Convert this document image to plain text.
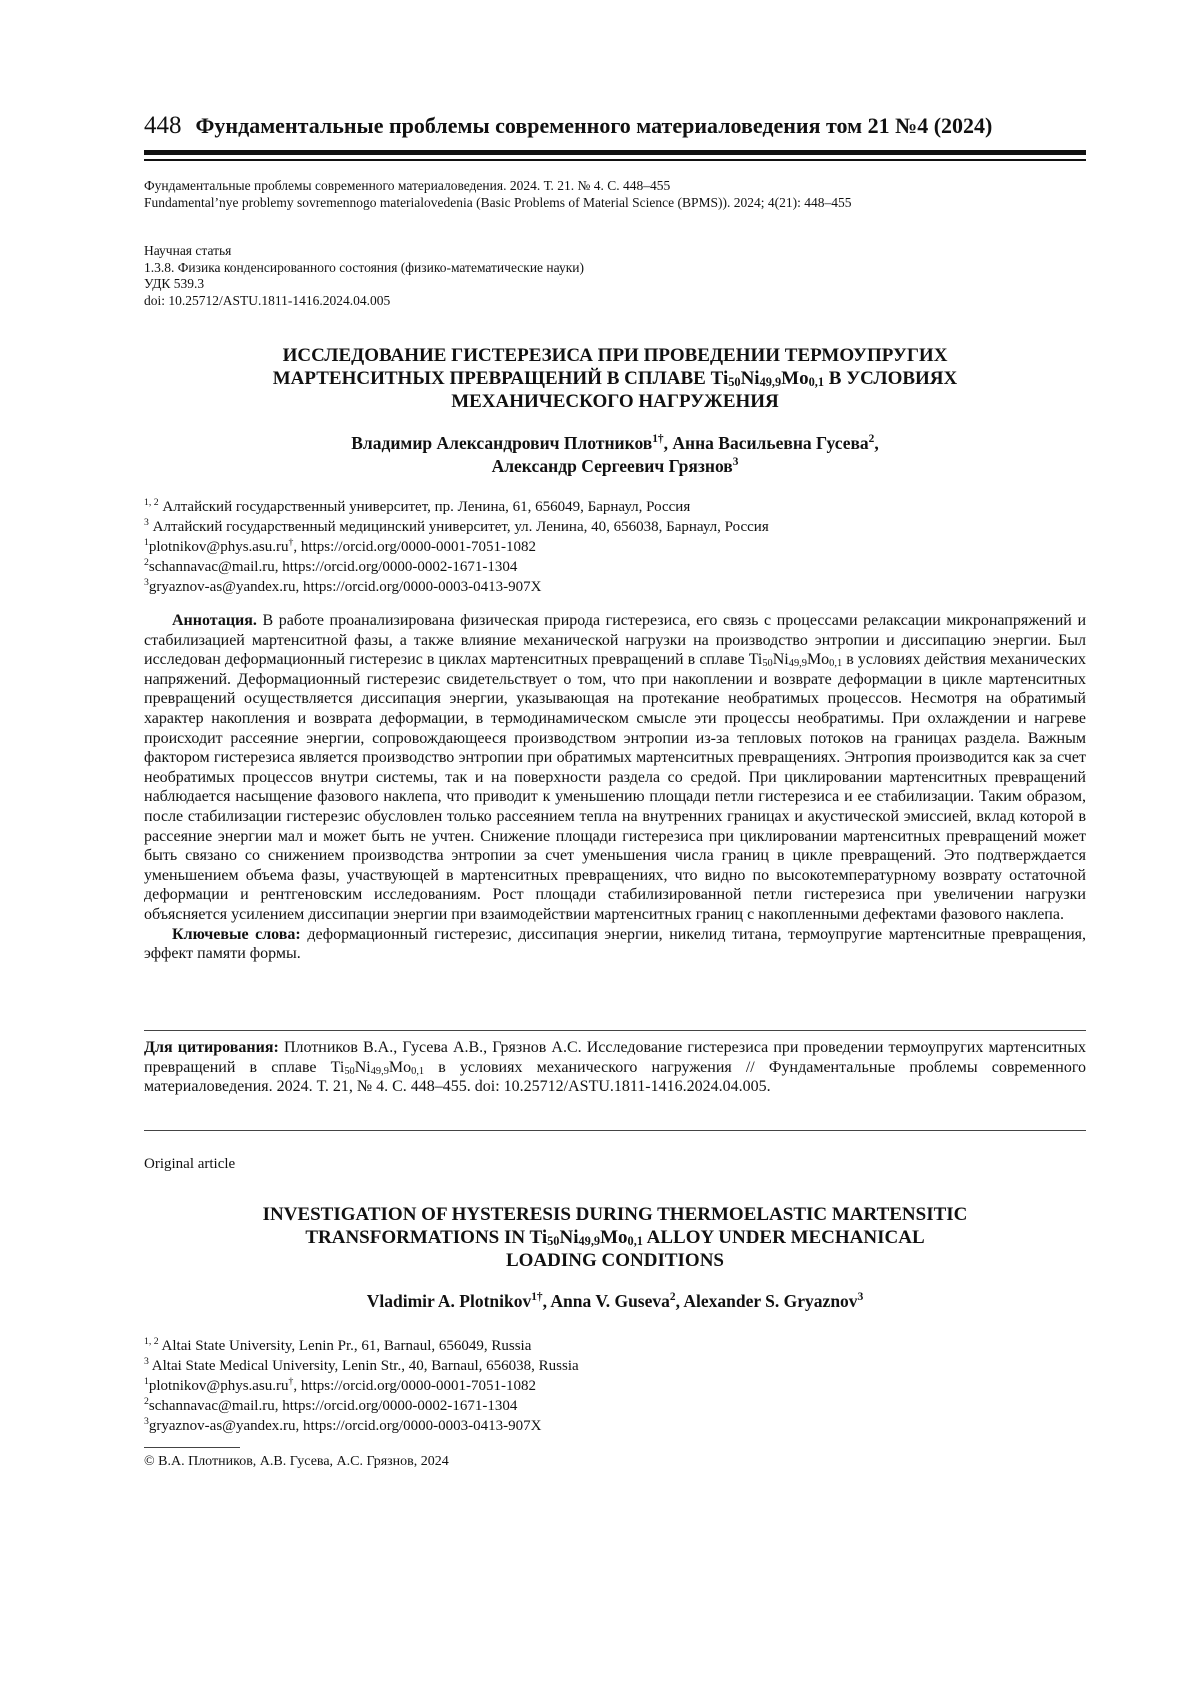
448 Фундаментальные проблемы современного материаловедения том 21 №4 (2024)
Фундаментальные проблемы современного материаловедения. 2024. Т. 21. № 4. С. 448–455
Fundamental’nye problemy sovremennogo materialovedenia (Basic Problems of Material Science (BPMS)). 2024; 4(21): 448–455
Научная статья
1.3.8. Физика конденсированного состояния (физико-математические науки)
УДК 539.3
doi: 10.25712/ASTU.1811-1416.2024.04.005
ИССЛЕДОВАНИЕ ГИСТЕРЕЗИСА ПРИ ПРОВЕДЕНИИ ТЕРМОУПРУГИХ
МАРТЕНСИТНЫХ ПРЕВРАЩЕНИЙ В СПЛАВЕ $Ti_{50}Ni_{49,9}Mo_{0,1}$ В УСЛОВИЯХ
МЕХАНИЧЕСКОГО НАГРУЖЕНИЯ
Владимир Александрович Плотников$^{1\dagger}$, Анна Васильевна Гусева$^2$,
Александр Сергеевич Грязнов$^3$
$^{1, 2}$ Алтайский государственный университет, пр. Ленина, 61, 656049, Барнаул, Россия
$^3$ Алтайский государственный медицинский университет, ул. Ленина, 40, 656038, Барнаул, Россия
$^1$plotnikov@phys.asu.ru†, https://orcid.org/0000-0001-7051-1082
$^2$schannavac@mail.ru, https://orcid.org/0000-0002-1671-1304
$^3$gryaznov-as@yandex.ru, https://orcid.org/0000-0003-0413-907X

Аннотация. В работе проанализирована физическая природа гистерезиса, его связь с процессами релаксации микронапряжений и стабилизацией мартенситной фазы, а также влияние механической нагрузки на производство энтропии и диссипацию энергии. Был исследован деформационный гистерезис в циклах мартенситных превращений в сплаве $Ti_{50}Ni_{49,9}Mo_{0,1}$ в условиях действия механических напряжений. Деформационный гистерезис свидетельствует о том, что при накоплении и возврате деформации в цикле мартенситных превращений осуществляется диссипация энергии, указывающая на протекание необратимых процессов. Несмотря на обратимый характер накопления и возврата деформации, в термодинамическом смысле эти процессы необратимы. При охлаждении и нагреве происходит рассеяние энергии, сопровождающееся производством энтропии из-за тепловых потоков на границах раздела. Важным фактором гистерезиса является производство энтропии при обратимых мартенситных превращениях. Энтропия производится как за счет необратимых процессов внутри системы, так и на поверхности раздела со средой. При циклировании мартенситных превращений наблюдается насыщение фазового наклепа, что приводит к уменьшению площади петли гистерезиса и ее стабилизации. Таким образом, после стабилизации гистерезис обусловлен только рассеянием тепла на внутренних границах и акустической эмиссией, вклад которой в рассеяние энергии мал и может быть не учтен. Снижение площади гистерезиса при циклировании мартенситных превращений может быть связано со снижением производства энтропии за счет уменьшения числа границ в цикле превращений. Это подтверждается уменьшением объема фазы, участвующей в мартенситных превращениях, что видно по высокотемпературному возврату остаточной деформации и рентгеновским исследованиям. Рост площади стабилизированной петли гистерезиса при увеличении нагрузки объясняется усилением диссипации энергии при взаимодействии мартенситных границ с накопленными дефектами фазового наклепа.

Ключевые слова: деформационный гистерезис, диссипация энергии, никелид титана, термоупругие мартенситные превращения, эффект памяти формы.

Для цитирования: Плотников В.А., Гусева А.В., Грязнов А.С. Исследование гистерезиса при проведении термоупругих мартенситных превращений в сплаве $Ti_{50}Ni_{49,9}Mo_{0,1}$ в условиях механического нагружения // Фундаментальные проблемы современного материаловедения. 2024. Т. 21, № 4. С. 448–455. doi: 10.25712/ASTU.1811-1416.2024.04.005.
Original article
INVESTIGATION OF HYSTERESIS DURING THERMOELASTIC MARTENSITIC
TRANSFORMATIONS IN $Ti_{50}Ni_{49,9}Mo_{0,1}$ ALLOY UNDER MECHANICAL
LOADING CONDITIONS
Vladimir A. Plotnikov$^{1\dagger}$, Anna V. Guseva$^2$, Alexander S. Gryaznov$^3$
$^{1, 2}$ Altai State University, Lenin Pr., 61, Barnaul, 656049, Russia
$^3$ Altai State Medical University, Lenin Str., 40, Barnaul, 656038, Russia
$^1$plotnikov@phys.asu.ru†, https://orcid.org/0000-0001-7051-1082
$^2$schannavac@mail.ru, https://orcid.org/0000-0002-1671-1304
$^3$gryaznov-as@yandex.ru, https://orcid.org/0000-0003-0413-907X
© В.А. Плотников, А.В. Гусева, А.С. Грязнов, 2024
